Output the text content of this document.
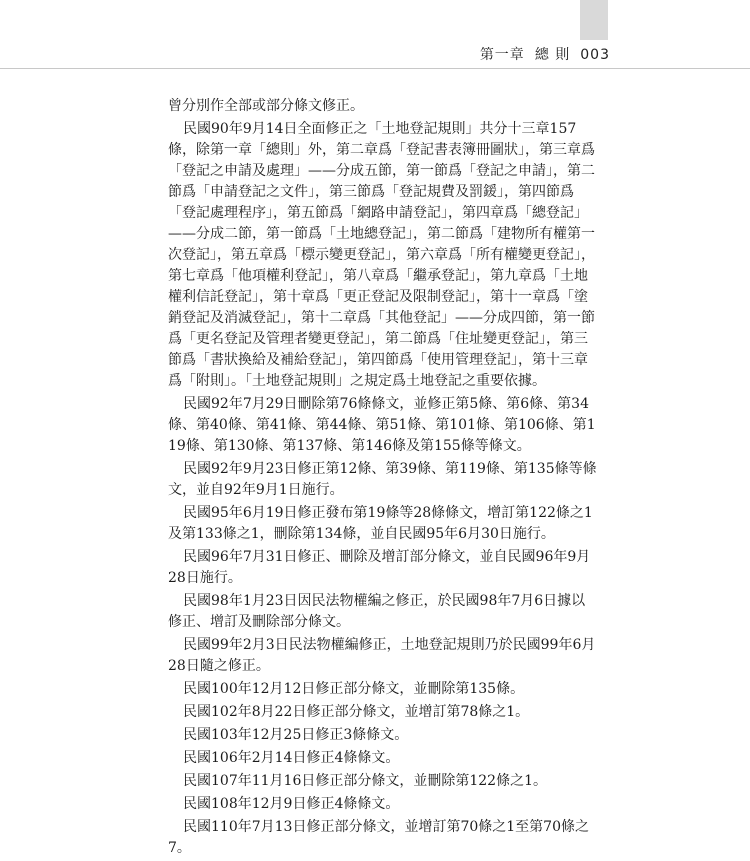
第一章 總 則 003

曾分別作全部或部分條文修正。

民國90年9月14日全面修正之「土地登記規則」共分十三章157條，除第一章「總則」外，第二章爲「登記書表簿冊圖狀」，第三章爲「登記之申請及處理」——分成五節，第一節爲「登記之申請」，第二節爲「申請登記之文件」，第三節爲「登記規費及罰鍰」，第四節爲「登記處理程序」，第五節爲「網路申請登記」，第四章爲「總登記」——分成二節，第一節爲「土地總登記」，第二節爲「建物所有權第一次登記」，第五章爲「標示變更登記」，第六章爲「所有權變更登記」，第七章爲「他項權利登記」，第八章爲「繼承登記」，第九章爲「土地權利信託登記」，第十章爲「更正登記及限制登記」，第十一章爲「塗銷登記及消滅登記」，第十二章爲「其他登記」——分成四節，第一節爲「更名登記及管理者變更登記」，第二節爲「住址變更登記」，第三節爲「書狀換給及補給登記」，第四節爲「使用管理登記」，第十三章爲「附則」。「土地登記規則」之規定爲土地登記之重要依據。

民國92年7月29日刪除第76條條文，並修正第5條、第6條、第34條、第40條、第41條、第44條、第51條、第101條、第106條、第119條、第130條、第137條、第146條及第155條等條文。

民國92年9月23日修正第12條、第39條、第119條、第135條等條文，並自92年9月1日施行。

民國95年6月19日修正發布第19條等28條條文，增訂第122條之1及第133條之1，刪除第134條，並自民國95年6月30日施行。

民國96年7月31日修正、刪除及增訂部分條文，並自民國96年9月28日施行。

民國98年1月23日因民法物權編之修正，於民國98年7月6日據以修正、增訂及刪除部分條文。

民國99年2月3日民法物權編修正，土地登記規則乃於民國99年6月28日隨之修正。

民國100年12月12日修正部分條文，並刪除第135條。

民國102年8月22日修正部分條文，並增訂第78條之1。

民國103年12月25日修正3條條文。

民國106年2月14日修正4條條文。

民國107年11月16日修正部分條文，並刪除第122條之1。

民國108年12月9日修正4條條文。

民國110年7月13日修正部分條文，並增訂第70條之1至第70條之7。
